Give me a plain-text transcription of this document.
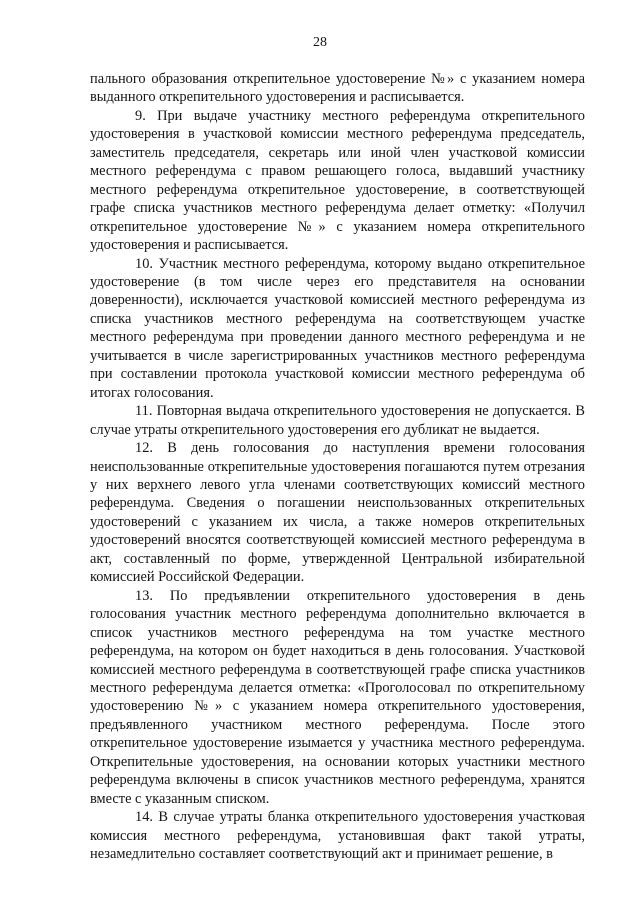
28

пального образования открепительное удостоверение №» с указанием номера выданного открепительного удостоверения и расписывается.

9. При выдаче участнику местного референдума открепительного удостоверения в участковой комиссии местного референдума председатель, заместитель председателя, секретарь или иной член участковой комиссии местного референдума с правом решающего голоса, выдавший участнику местного референдума открепительное удостоверение, в соответствующей графе списка участников местного референдума делает отметку: «Получил открепительное удостоверение №» с указанием номера открепительного удостоверения и расписывается.

10. Участник местного референдума, которому выдано открепительное удостоверение (в том числе через его представителя на основании доверенности), исключается участковой комиссией местного референдума из списка участников местного референдума на соответствующем участке местного референдума при проведении данного местного референдума и не учитывается в числе зарегистрированных участников местного референдума при составлении протокола участковой комиссии местного референдума об итогах голосования.

11. Повторная выдача открепительного удостоверения не допускается. В случае утраты открепительного удостоверения его дубликат не выдается.

12. В день голосования до наступления времени голосования неиспользованные открепительные удостоверения погашаются путем отрезания у них верхнего левого угла членами соответствующих комиссий местного референдума. Сведения о погашении неиспользованных открепительных удостоверений с указанием их числа, а также номеров открепительных удостоверений вносятся соответствующей комиссией местного референдума в акт, составленный по форме, утвержденной Центральной избирательной комиссией Российской Федерации.

13. По предъявлении открепительного удостоверения в день голосования участник местного референдума дополнительно включается в список участников местного референдума на том участке местного референдума, на котором он будет находиться в день голосования. Участковой комиссией местного референдума в соответствующей графе списка участников местного референдума делается отметка: «Проголосовал по открепительному удостоверению №» с указанием номера открепительного удостоверения, предъявленного участником местного референдума. После этого открепительное удостоверение изымается у участника местного референдума. Открепительные удостоверения, на основании которых участники местного референдума включены в список участников местного референдума, хранятся вместе с указанным списком.

14. В случае утраты бланка открепительного удостоверения участковая комиссия местного референдума, установившая факт такой утраты, незамедлительно составляет соответствующий акт и принимает решение, в
